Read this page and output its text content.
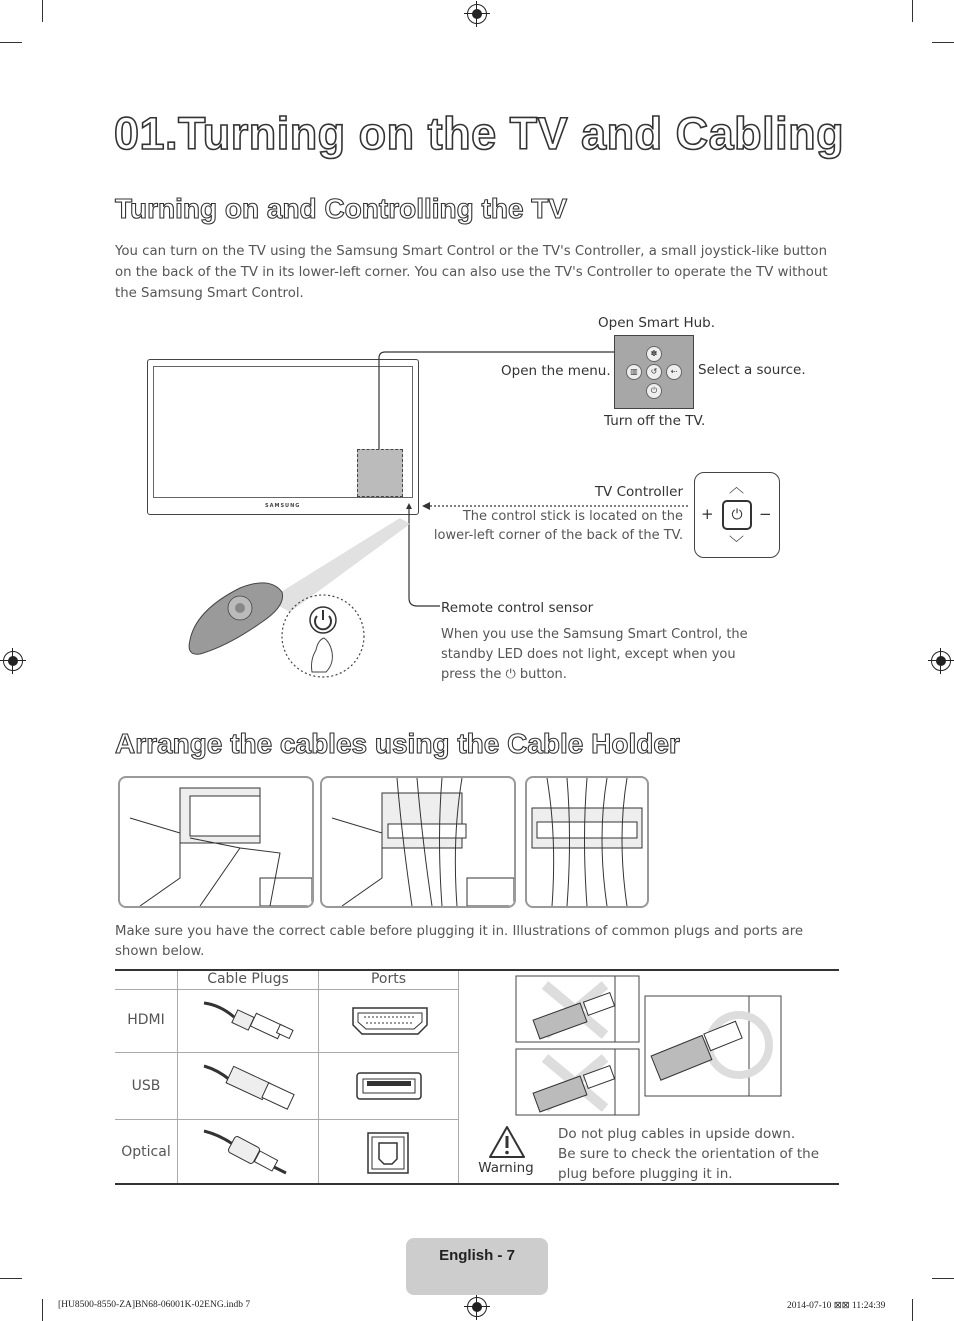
01.Turning on the TV and Cabling
Turning on and Controlling the TV
You can turn on the TV using the Samsung Smart Control or the TV's Controller, a small joystick-like button on the back of the TV in its lower-left corner. You can also use the TV's Controller to operate the TV without the Samsung Smart Control.
SAMSUNG
✽
▥	↺	⇠
⏻
Open Smart Hub.
Open the menu.	Select a source.
Turn off the TV.
TV Controller
The control stick is located on the
lower-left corner of the back of the TV.
⏻
︿
﹀
+	−
Remote control sensor
When you use the Samsung Smart Control, the
standby LED does not light, except when you
press the ⏻ button.
Arrange the cables using the Cable Holder
Make sure you have the correct cable before plugging it in. Illustrations of common plugs and ports are shown below.
Cable Plugs	Ports
HDMI
USB
Optical
Warning
Do not plug cables in upside down.
Be sure to check the orientation of the
plug before plugging it in.
English - 7
[HU8500-8550-ZA]BN68-06001K-02ENG.indb 7	2014-07-10 ⊠⊠ 11:24:39
